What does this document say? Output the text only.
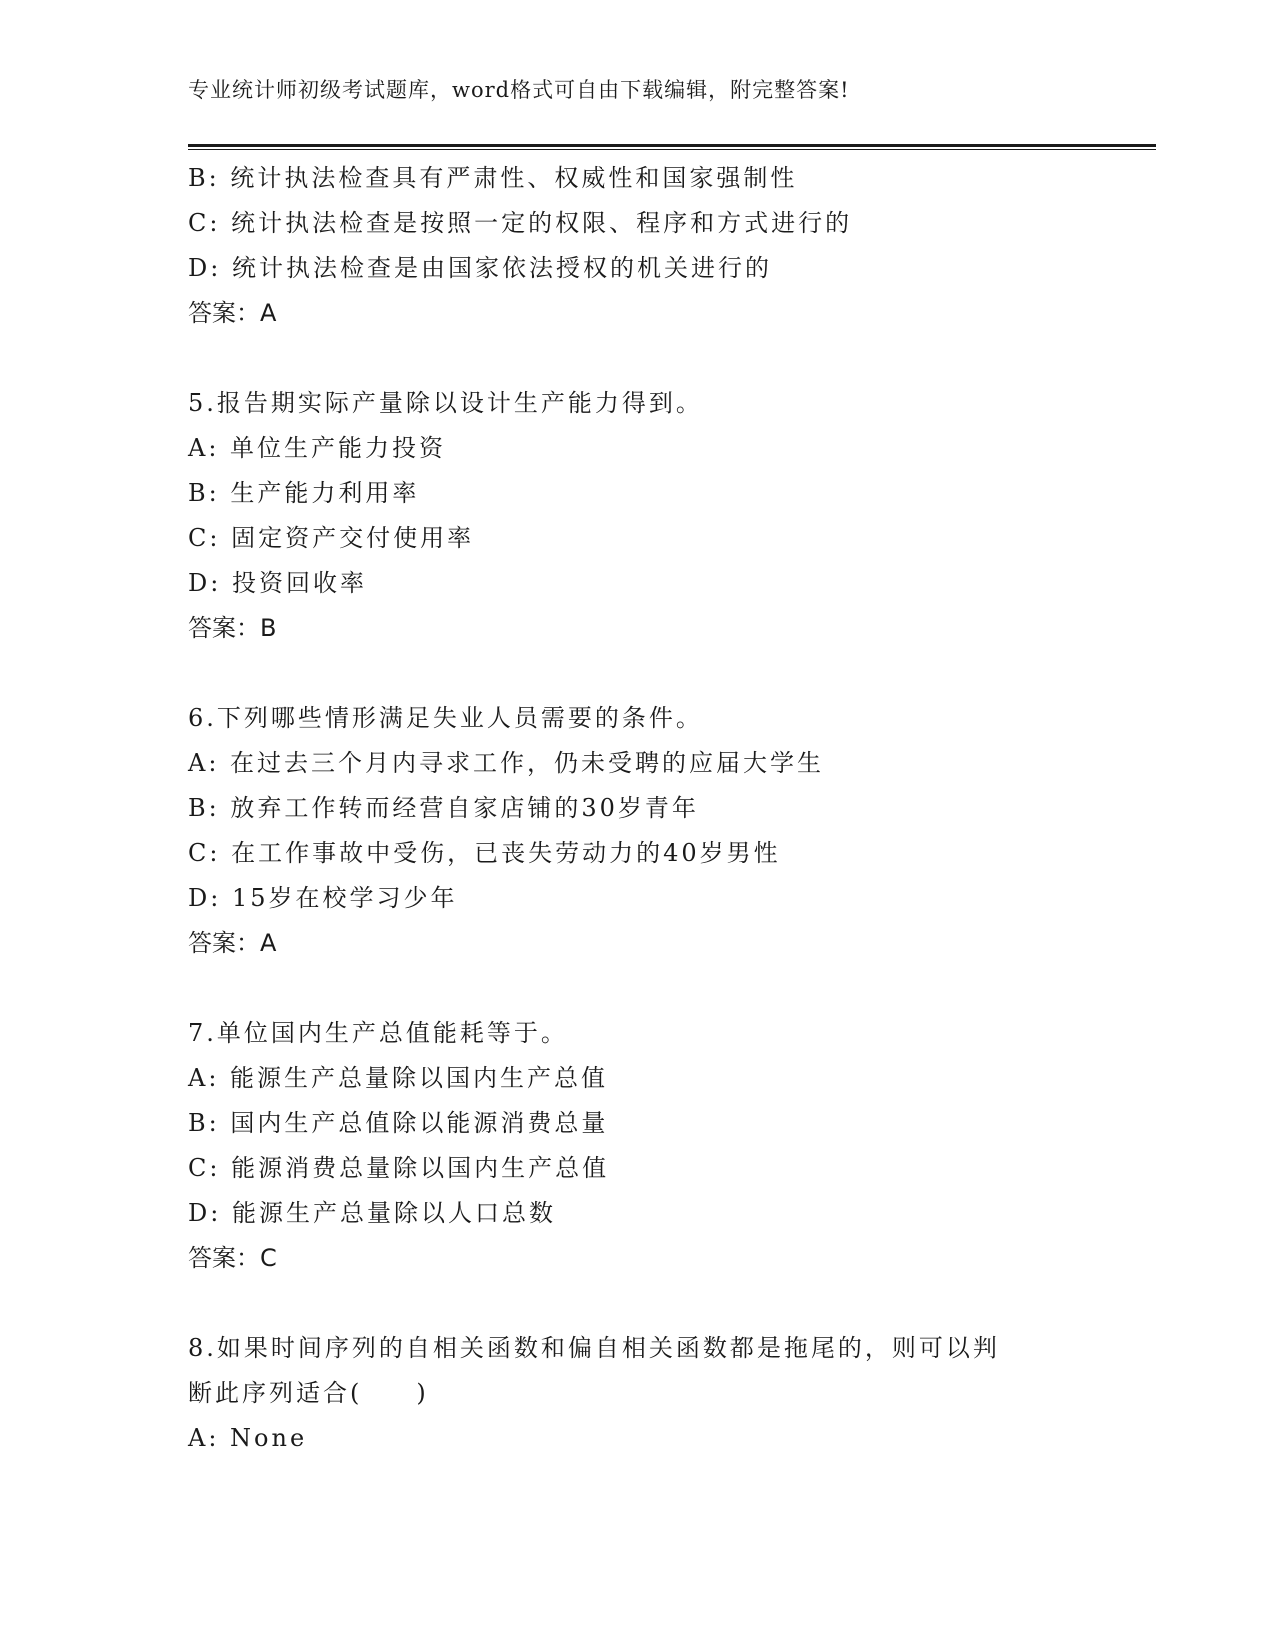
专业统计师初级考试题库，word格式可自由下载编辑，附完整答案!
B: 统计执法检查具有严肃性、权威性和国家强制性
C: 统计执法检查是按照一定的权限、程序和方式进行的
D: 统计执法检查是由国家依法授权的机关进行的
答案：A
5.报告期实际产量除以设计生产能力得到。
A: 单位生产能力投资
B: 生产能力利用率
C: 固定资产交付使用率
D: 投资回收率
答案：B
6.下列哪些情形满足失业人员需要的条件。
A: 在过去三个月内寻求工作，仍未受聘的应届大学生
B: 放弃工作转而经营自家店铺的30岁青年
C: 在工作事故中受伤，已丧失劳动力的40岁男性
D: 15岁在校学习少年
答案：A
7.单位国内生产总值能耗等于。
A: 能源生产总量除以国内生产总值
B: 国内生产总值除以能源消费总量
C: 能源消费总量除以国内生产总值
D: 能源生产总量除以人口总数
答案：C
8.如果时间序列的自相关函数和偏自相关函数都是拖尾的，则可以判
断此序列适合(　　)
A: None
